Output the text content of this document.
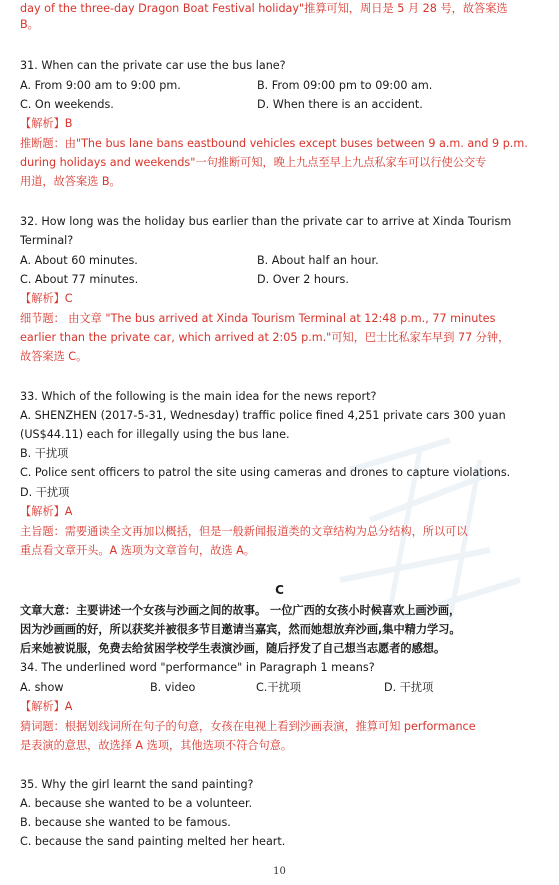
day of the three-day Dragon Boat Festival holiday"推算可知，周日是 5 月 28 号，故答案选
B。
31. When can the private car use the bus lane?
A. From 9:00 am to 9:00 pm.	B. From 09:00 pm to 09:00 am.
C. On weekends.	D. When there is an accident.
【解析】B
推断题：由"The bus lane bans eastbound vehicles except buses between 9 a.m. and 9 p.m.
during holidays and weekends"一句推断可知，晚上九点至早上九点私家车可以行使公交专
用道，故答案选 B。
32. How long was the holiday bus earlier than the private car to arrive at Xinda Tourism
Terminal?
A. About 60 minutes.	B. About half an hour.
C. About 77 minutes.	D. Over 2 hours.
【解析】C
细节题： 由文章 "The bus arrived at Xinda Tourism Terminal at 12:48 p.m., 77 minutes
earlier than the private car, which arrived at 2:05 p.m."可知，巴士比私家车早到 77 分钟，
故答案选 C。
33. Which of the following is the main idea for the news report?
A. SHENZHEN (2017-5-31, Wednesday) traffic police fined 4,251 private cars 300 yuan
(US$44.11) each for illegally using the bus lane.
B. 干扰项
C. Police sent officers to patrol the site using cameras and drones to capture violations.
D. 干扰项
【解析】A
主旨题：需要通读全文再加以概括，但是一般新闻报道类的文章结构为总分结构，所以可以
重点看文章开头。A 选项为文章首句，故选 A。
C
文章大意：主要讲述一个女孩与沙画之间的故事。 一位广西的女孩小时候喜欢上画沙画，
因为沙画画的好，所以获奖并被很多节目邀请当嘉宾，然而她想放弃沙画,集中精力学习。
后来她被说服，免费去给贫困学校学生表演沙画，随后抒发了自己想当志愿者的感想。
34. The underlined word "performance" in Paragraph 1 means?
A. show	B. video	C.干扰项	D. 干扰项
【解析】A
猜词题：根据划线词所在句子的句意，女孩在电视上看到沙画表演，推算可知 performance
是表演的意思，故选择 A 选项，其他选项不符合句意。
35. Why the girl learnt the sand painting?
A. because she wanted to be a volunteer.
B. because she wanted to be famous.
C. because the sand painting melted her heart.
10
